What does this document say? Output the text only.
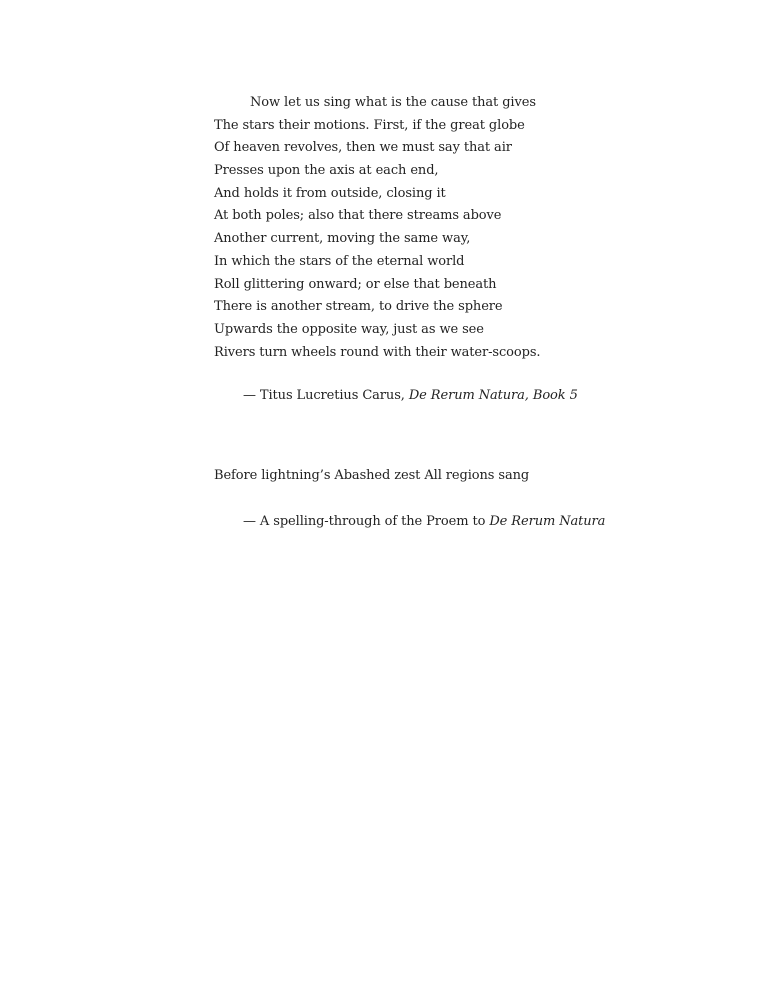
Now let us sing what is the cause that gives
The stars their motions. First, if the great globe
Of heaven revolves, then we must say that air
Presses upon the axis at each end,
And holds it from outside, closing it
At both poles; also that there streams above
Another current, moving the same way,
In which the stars of the eternal world
Roll glittering onward; or else that beneath
There is another stream, to drive the sphere
Upwards the opposite way, just as we see
Rivers turn wheels round with their water-scoops.
— Titus Lucretius Carus, De Rerum Natura, Book 5
Before lightning’s Abashed zest All regions sang
— A spelling-through of the Proem to De Rerum Natura
